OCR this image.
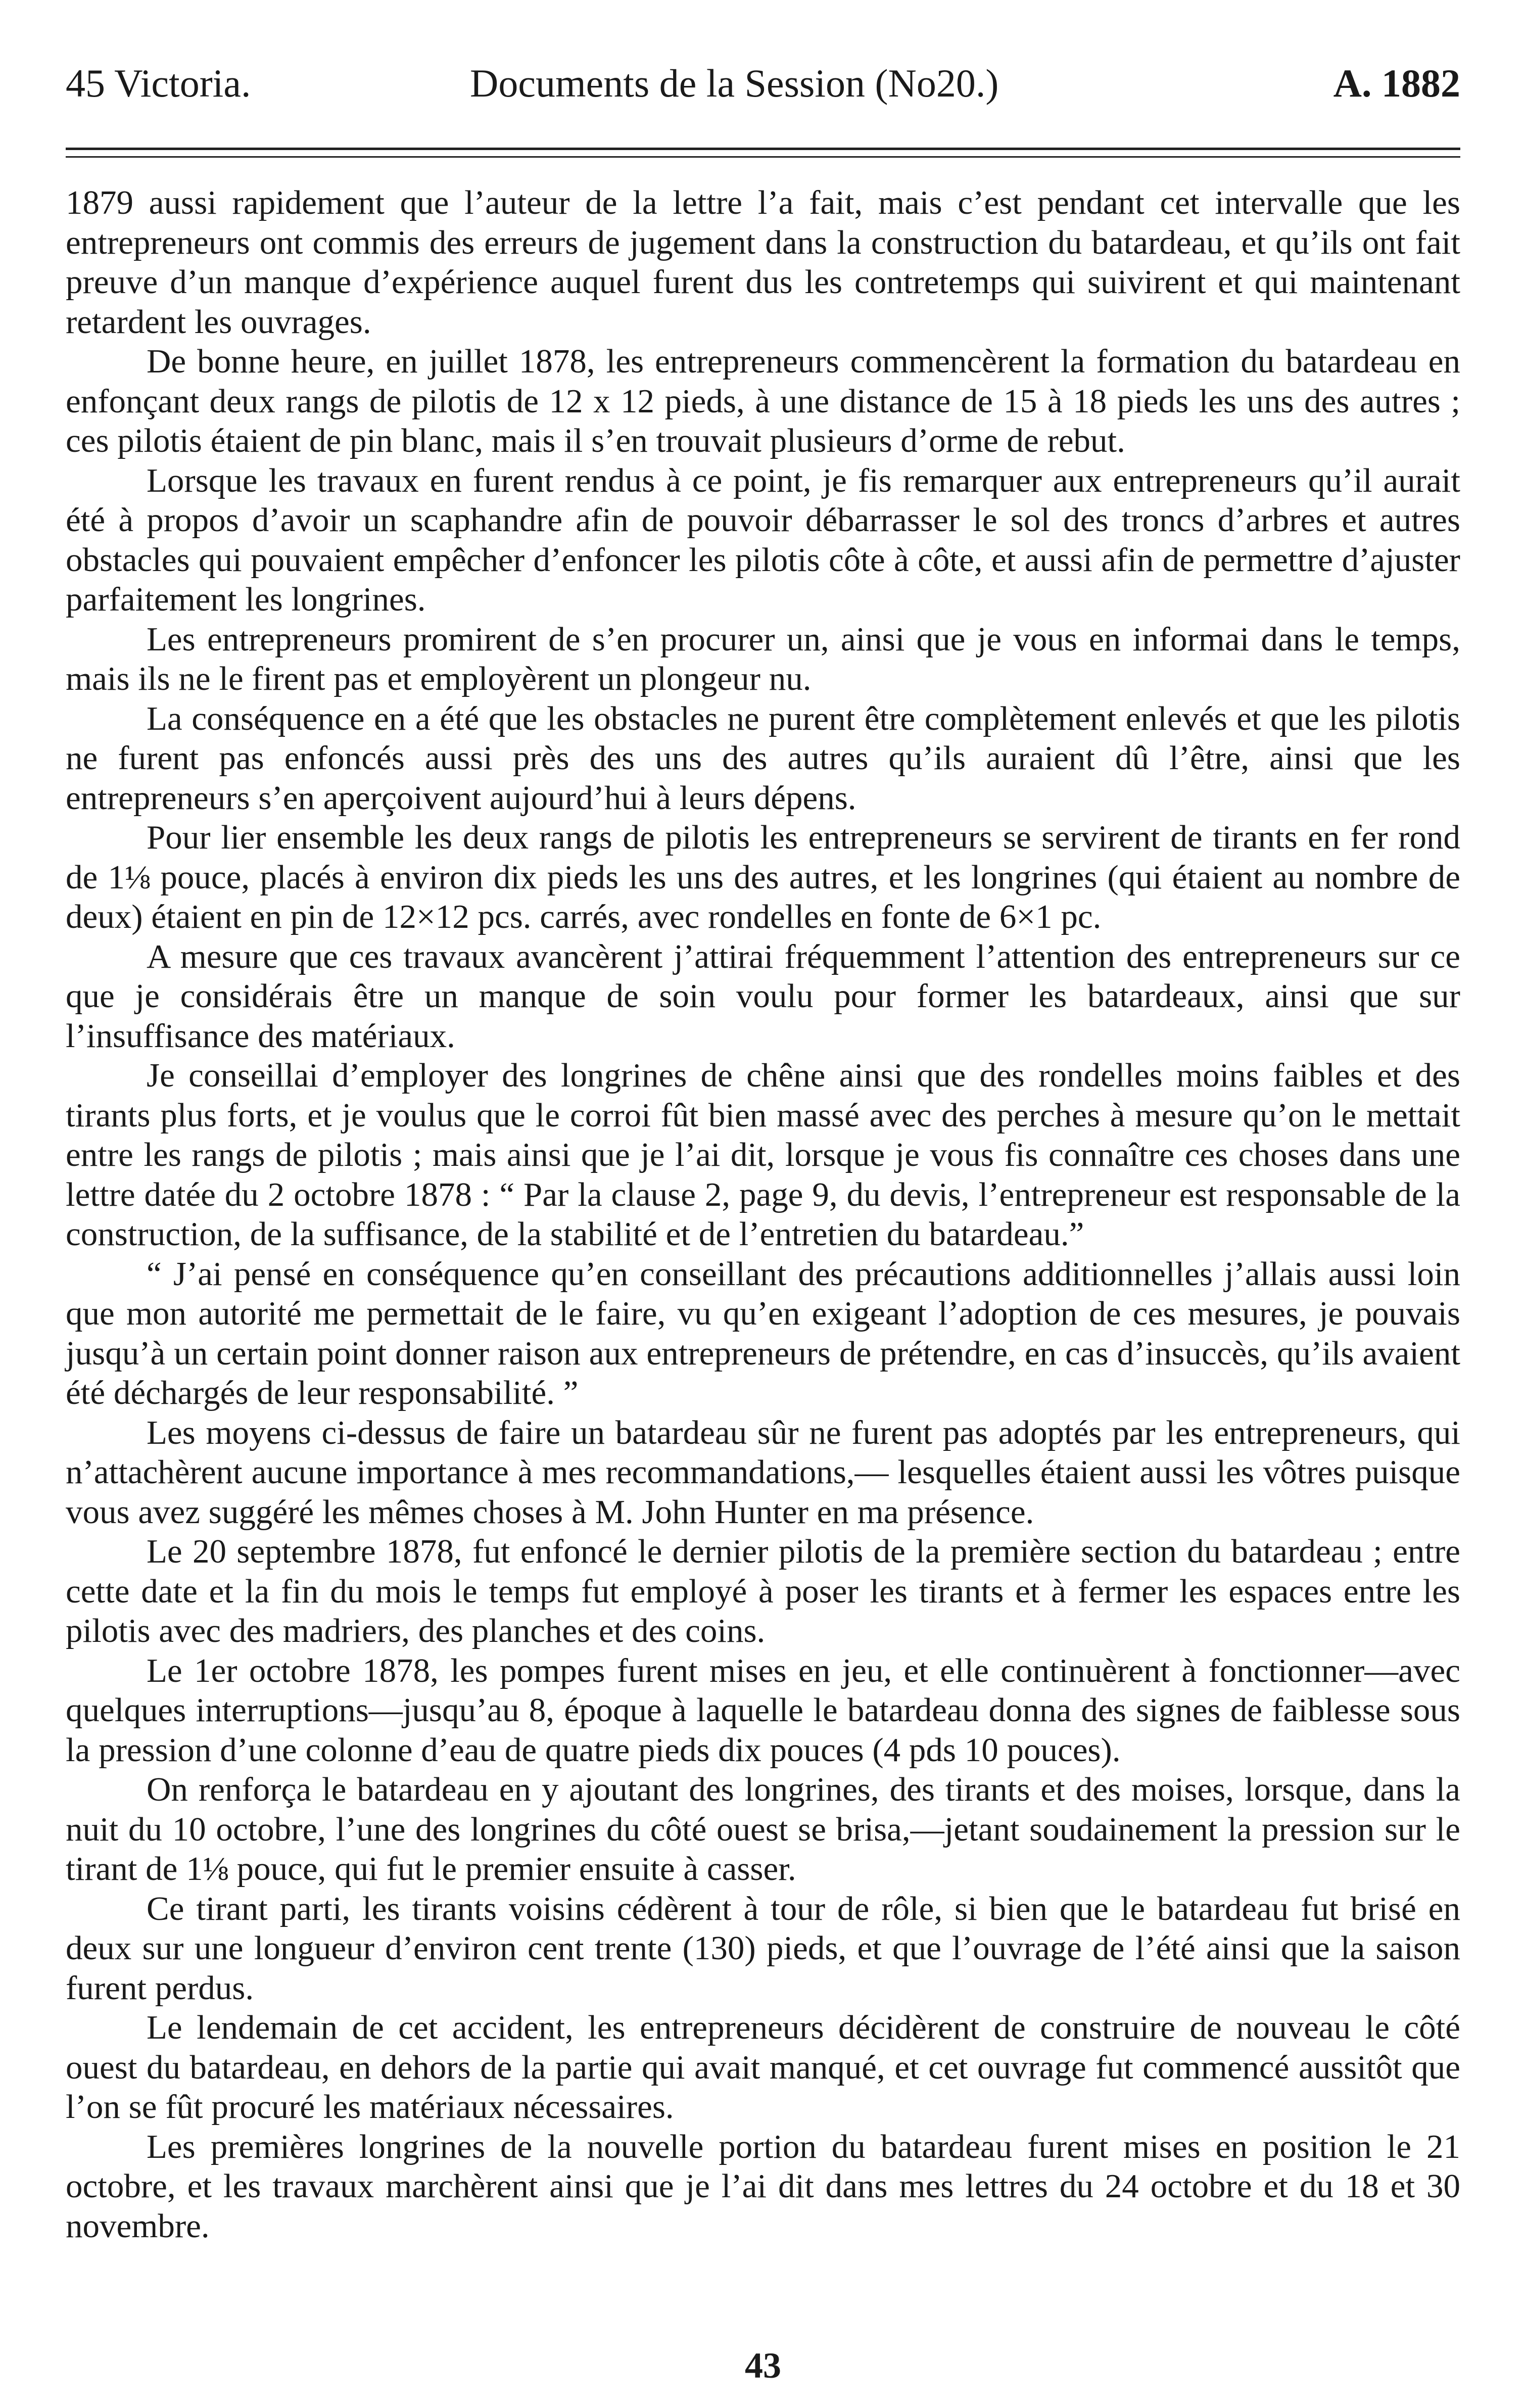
45 Victoria.	Documents de la Session (No20.)	A. 1882

1879 aussi rapidement que l’auteur de la lettre l’a fait, mais c’est pendant cet intervalle que les entrepreneurs ont commis des erreurs de jugement dans la construction du batardeau, et qu’ils ont fait preuve d’un manque d’expérience auquel furent dus les contretemps qui suivirent et qui maintenant retardent les ouvrages.

De bonne heure, en juillet 1878, les entrepreneurs commencèrent la formation du batardeau en enfonçant deux rangs de pilotis de 12 x 12 pieds, à une distance de 15 à 18 pieds les uns des autres ; ces pilotis étaient de pin blanc, mais il s’en trouvait plusieurs d’orme de rebut.

Lorsque les travaux en furent rendus à ce point, je fis remarquer aux entrepreneurs qu’il aurait été à propos d’avoir un scaphandre afin de pouvoir débarrasser le sol des troncs d’arbres et autres obstacles qui pouvaient empêcher d’enfoncer les pilotis côte à côte, et aussi afin de permettre d’ajuster parfaitement les longrines.

Les entrepreneurs promirent de s’en procurer un, ainsi que je vous en informai dans le temps, mais ils ne le firent pas et employèrent un plongeur nu.

La conséquence en a été que les obstacles ne purent être complètement enlevés et que les pilotis ne furent pas enfoncés aussi près des uns des autres qu’ils auraient dû l’être, ainsi que les entrepreneurs s’en aperçoivent aujourd’hui à leurs dépens.

Pour lier ensemble les deux rangs de pilotis les entrepreneurs se servirent de tirants en fer rond de 1⅛ pouce, placés à environ dix pieds les uns des autres, et les longrines (qui étaient au nombre de deux) étaient en pin de 12×12 pcs. carrés, avec rondelles en fonte de 6×1 pc.

A mesure que ces travaux avancèrent j’attirai fréquemment l’attention des entrepreneurs sur ce que je considérais être un manque de soin voulu pour former les batardeaux, ainsi que sur l’insuffisance des matériaux.

Je conseillai d’employer des longrines de chêne ainsi que des rondelles moins faibles et des tirants plus forts, et je voulus que le corroi fût bien massé avec des perches à mesure qu’on le mettait entre les rangs de pilotis ; mais ainsi que je l’ai dit, lorsque je vous fis connaître ces choses dans une lettre datée du 2 octobre 1878 : “ Par la clause 2, page 9, du devis, l’entrepreneur est responsable de la construction, de la suffisance, de la stabilité et de l’entretien du batardeau.”

“ J’ai pensé en conséquence qu’en conseillant des précautions additionnelles j’allais aussi loin que mon autorité me permettait de le faire, vu qu’en exigeant l’adoption de ces mesures, je pouvais jusqu’à un certain point donner raison aux entrepreneurs de prétendre, en cas d’insuccès, qu’ils avaient été déchargés de leur responsabilité. ”

Les moyens ci-dessus de faire un batardeau sûr ne furent pas adoptés par les entrepreneurs, qui n’attachèrent aucune importance à mes recommandations,— lesquelles étaient aussi les vôtres puisque vous avez suggéré les mêmes choses à M. John Hunter en ma présence.

Le 20 septembre 1878, fut enfoncé le dernier pilotis de la première section du batardeau ; entre cette date et la fin du mois le temps fut employé à poser les tirants et à fermer les espaces entre les pilotis avec des madriers, des planches et des coins.

Le 1er octobre 1878, les pompes furent mises en jeu, et elle continuèrent à fonctionner—avec quelques interruptions—jusqu’au 8, époque à laquelle le batardeau donna des signes de faiblesse sous la pression d’une colonne d’eau de quatre pieds dix pouces (4 pds 10 pouces).

On renforça le batardeau en y ajoutant des longrines, des tirants et des moises, lorsque, dans la nuit du 10 octobre, l’une des longrines du côté ouest se brisa,—jetant soudainement la pression sur le tirant de 1⅛ pouce, qui fut le premier ensuite à casser.

Ce tirant parti, les tirants voisins cédèrent à tour de rôle, si bien que le batardeau fut brisé en deux sur une longueur d’environ cent trente (130) pieds, et que l’ouvrage de l’été ainsi que la saison furent perdus.

Le lendemain de cet accident, les entrepreneurs décidèrent de construire de nouveau le côté ouest du batardeau, en dehors de la partie qui avait manqué, et cet ouvrage fut commencé aussitôt que l’on se fût procuré les matériaux nécessaires.

Les premières longrines de la nouvelle portion du batardeau furent mises en position le 21 octobre, et les travaux marchèrent ainsi que je l’ai dit dans mes lettres du 24 octobre et du 18 et 30 novembre.

43
